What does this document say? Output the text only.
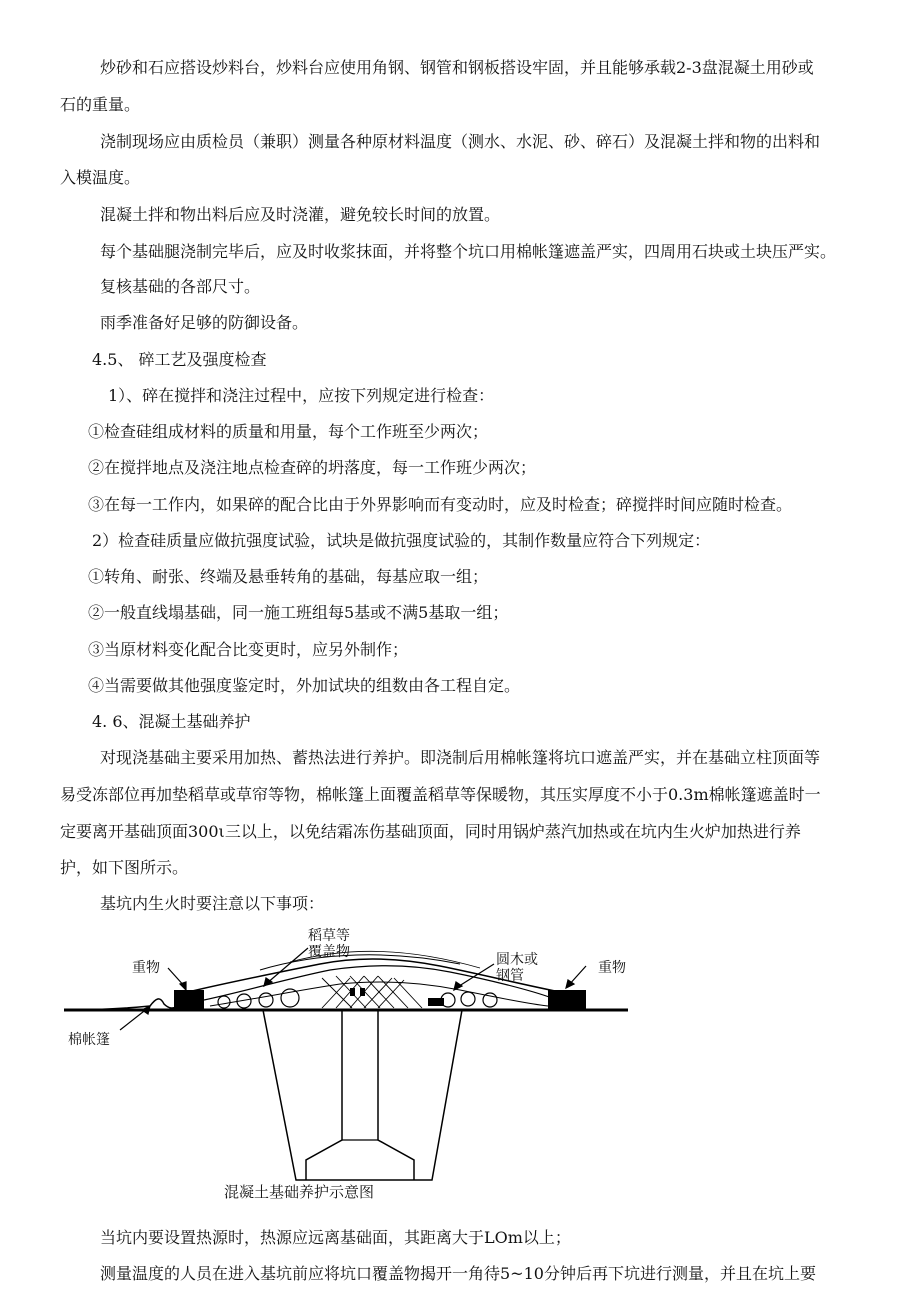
炒砂和石应搭设炒料台，炒料台应使用角钢、钢管和钢板搭设牢固，并且能够承载2-3盘混凝土用砂或
石的重量。
浇制现场应由质检员（兼职）测量各种原材料温度（测水、水泥、砂、碎石）及混凝土拌和物的出料和
入模温度。
混凝土拌和物出料后应及时浇灌，避免较长时间的放置。
每个基础腿浇制完毕后，应及时收浆抹面，并将整个坑口用棉帐篷遮盖严实，四周用石块或土块压严实。
复核基础的各部尺寸。
雨季准备好足够的防御设备。
4.5、 碎工艺及强度检查
1）、碎在搅拌和浇注过程中，应按下列规定进行检查：
①检查硅组成材料的质量和用量，每个工作班至少两次；
②在搅拌地点及浇注地点检查碎的坍落度，每一工作班少两次；
③在每一工作内，如果碎的配合比由于外界影响而有变动时，应及时检查；碎搅拌时间应随时检查。
2）检查硅质量应做抗强度试验，试块是做抗强度试验的，其制作数量应符合下列规定：
①转角、耐张、终端及悬垂转角的基础，每基应取一组；
②一般直线塌基础，同一施工班组每5基或不满5基取一组；
③当原材料变化配合比变更时，应另外制作；
④当需要做其他强度鉴定时，外加试块的组数由各工程自定。
4. 6、混凝土基础养护
对现浇基础主要采用加热、蓄热法进行养护。即浇制后用棉帐篷将坑口遮盖严实，并在基础立柱顶面等
易受冻部位再加垫稻草或草帘等物，棉帐篷上面覆盖稻草等保暖物，其压实厚度不小于0.3m棉帐篷遮盖时一
定要离开基础顶面300ι三以上，以免结霜冻伤基础顶面，同时用锅炉蒸汽加热或在坑内生火炉加热进行养
护，如下图所示。
基坑内生火时要注意以下事项：
重物
稻草等
覆盖物	圆木或
钢管	重物
棉帐篷
混凝土基础养护示意图
当坑内要设置热源时，热源应远离基础面，其距离大于LOm以上；
测量温度的人员在进入基坑前应将坑口覆盖物揭开一角待5~10分钟后再下坑进行测量，并且在坑上要
